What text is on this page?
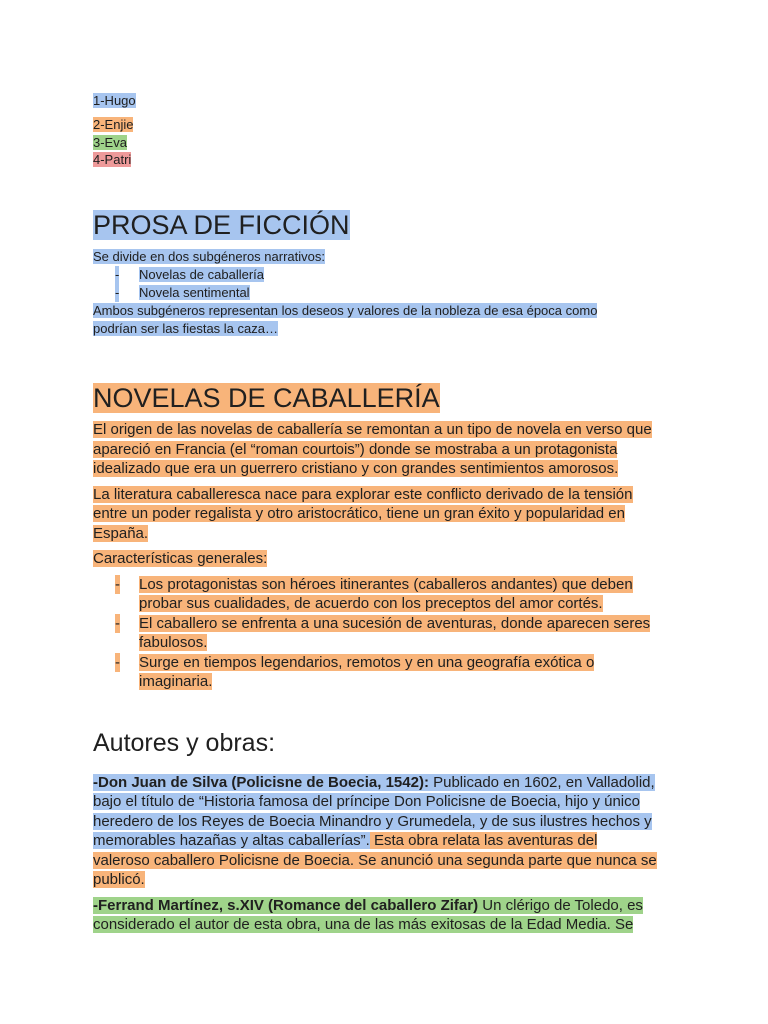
1-Hugo
2-Enjie
3-Eva
4-Patri
PROSA DE FICCIÓN
Se divide en dos subgéneros narrativos:
- Novelas de caballería
- Novela sentimental
Ambos subgéneros representan los deseos y valores de la nobleza de esa época como
podrían ser las fiestas la caza…
NOVELAS DE CABALLERÍA

El origen de las novelas de caballería se remontan a un tipo de novela en verso que
apareció en Francia (el “roman courtois”) donde se mostraba a un protagonista
idealizado que era un guerrero cristiano y con grandes sentimientos amorosos.

La literatura caballeresca nace para explorar este conflicto derivado de la tensión
entre un poder regalista y otro aristocrático, tiene un gran éxito y popularidad en
España.

Características generales:

- Los protagonistas son héroes itinerantes (caballeros andantes) que deben
probar sus cualidades, de acuerdo con los preceptos del amor cortés.
- El caballero se enfrenta a una sucesión de aventuras, donde aparecen seres
fabulosos.
- Surge en tiempos legendarios, remotos y en una geografía exótica o
imaginaria.
Autores y obras:

-Don Juan de Silva (Policisne de Boecia, 1542): Publicado en 1602, en Valladolid,
bajo el título de “Historia famosa del príncipe Don Policisne de Boecia, hijo y único
heredero de los Reyes de Boecia Minandro y Grumedela, y de sus ilustres hechos y
memorables hazañas y altas caballerías”. Esta obra relata las aventuras del
valeroso caballero Policisne de Boecia. Se anunció una segunda parte que nunca se
publicó.

-Ferrand Martínez, s.XIV (Romance del caballero Zifar) Un clérigo de Toledo, es
considerado el autor de esta obra, una de las más exitosas de la Edad Media. Se
